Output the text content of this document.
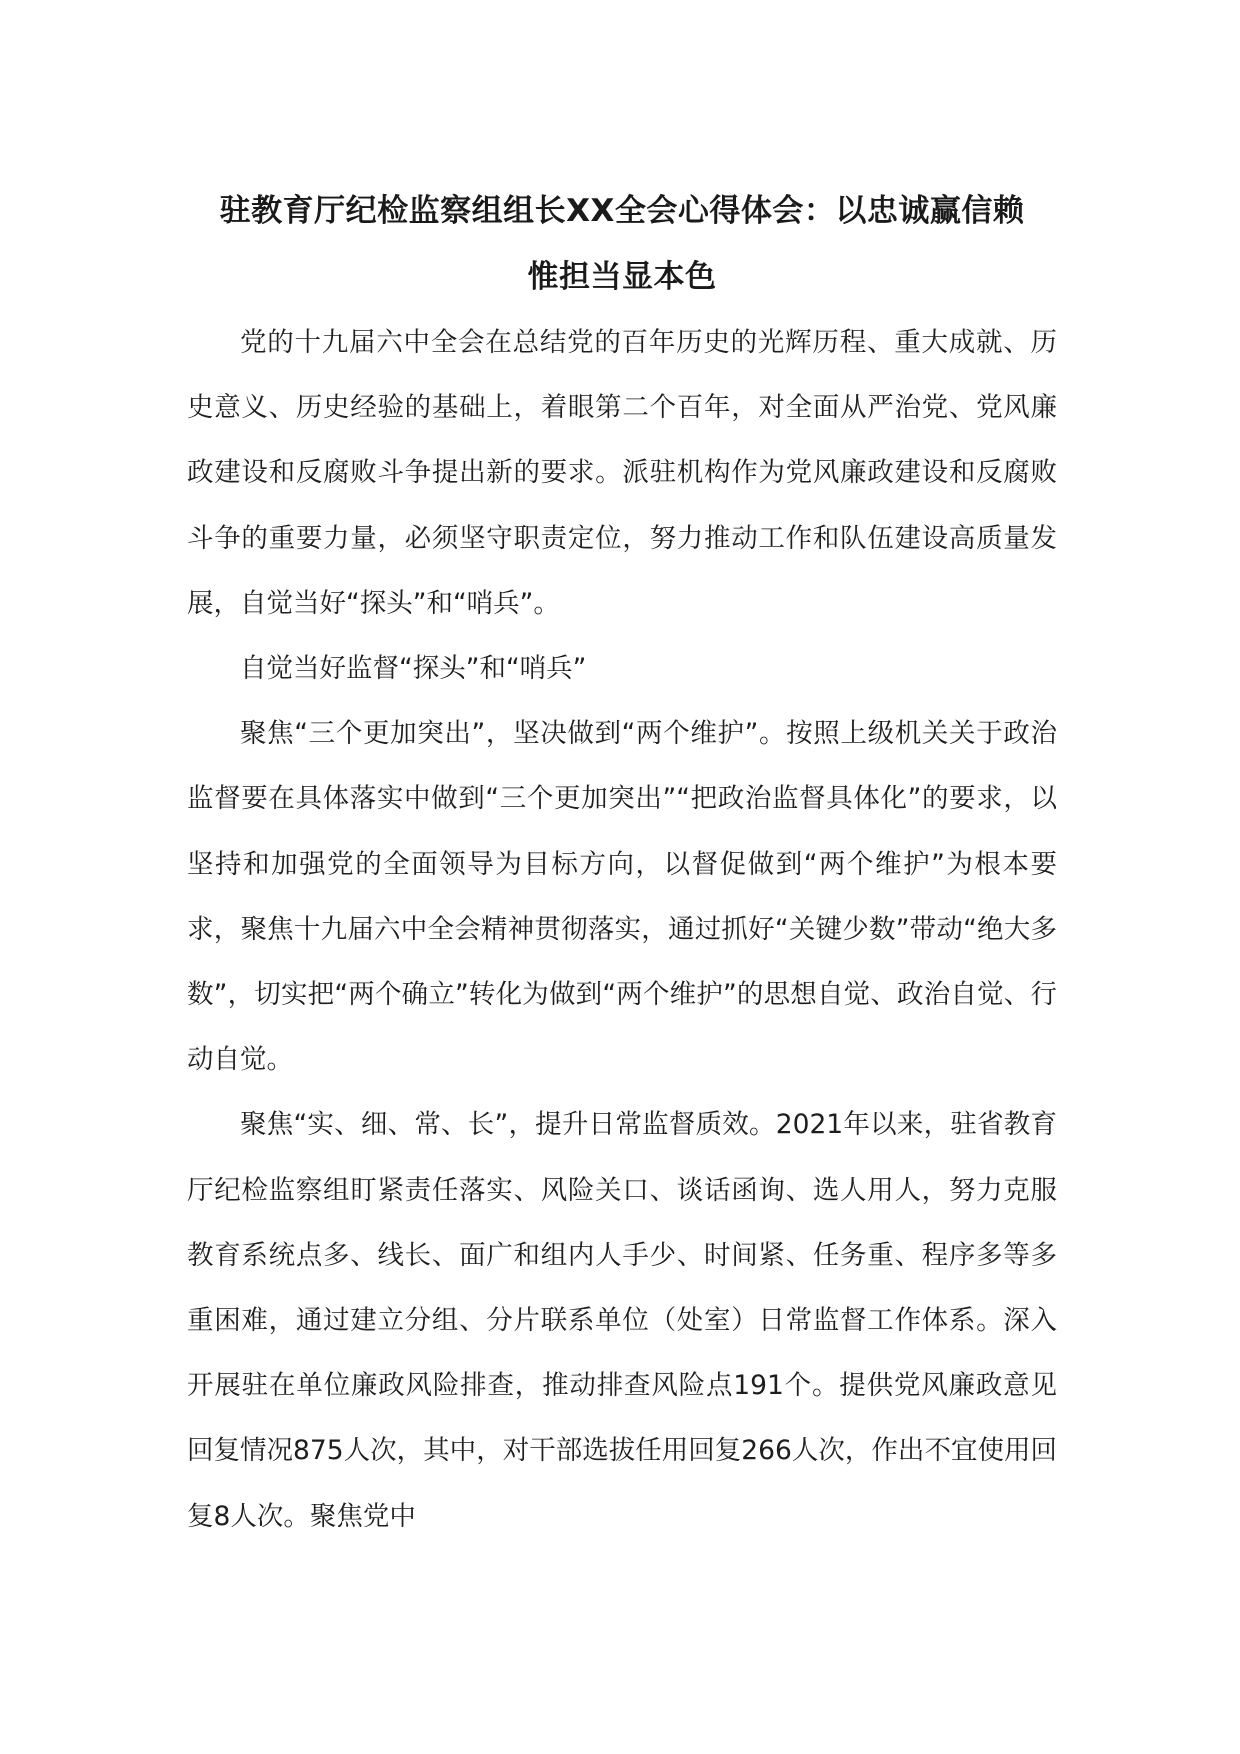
驻教育厅纪检监察组组长XX全会心得体会：以忠诚赢信赖
惟担当显本色

党的十九届六中全会在总结党的百年历史的光辉历程、重大成就、历史意义、历史经验的基础上，着眼第二个百年，对全面从严治党、党风廉政建设和反腐败斗争提出新的要求。派驻机构作为党风廉政建设和反腐败斗争的重要力量，必须坚守职责定位，努力推动工作和队伍建设高质量发展，自觉当好“探头”和“哨兵”。

自觉当好监督“探头”和“哨兵”

聚焦“三个更加突出”，坚决做到“两个维护”。按照上级机关关于政治监督要在具体落实中做到“三个更加突出”“把政治监督具体化”的要求，以坚持和加强党的全面领导为目标方向，以督促做到“两个维护”为根本要求，聚焦十九届六中全会精神贯彻落实，通过抓好“关键少数”带动“绝大多数”，切实把“两个确立”转化为做到“两个维护”的思想自觉、政治自觉、行动自觉。

聚焦“实、细、常、长”，提升日常监督质效。2021年以来，驻省教育厅纪检监察组盯紧责任落实、风险关口、谈话函询、选人用人，努力克服教育系统点多、线长、面广和组内人手少、时间紧、任务重、程序多等多重困难，通过建立分组、分片联系单位（处室）日常监督工作体系。深入开展驻在单位廉政风险排查，推动排查风险点191个。提供党风廉政意见回复情况875人次，其中，对干部选拔任用回复266人次，作出不宜使用回复8人次。聚焦党中
